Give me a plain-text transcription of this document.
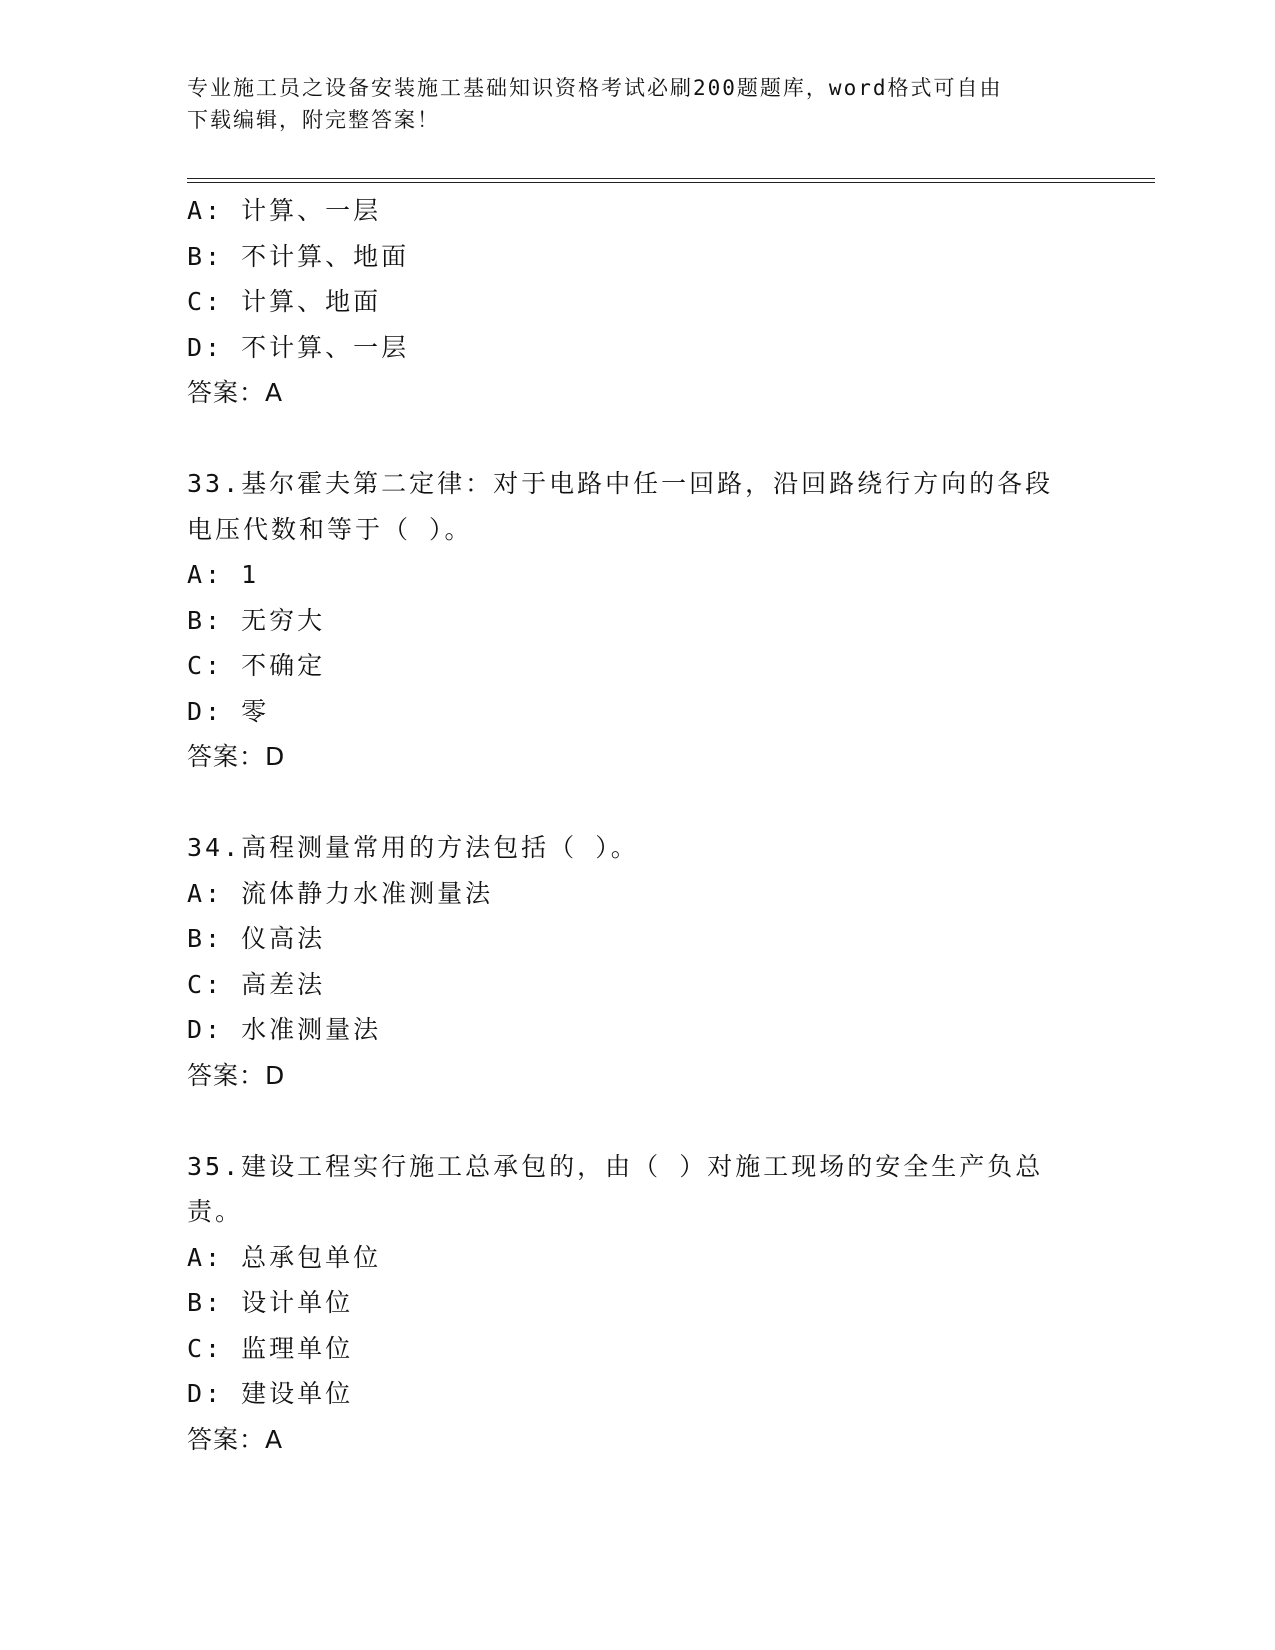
专业施工员之设备安装施工基础知识资格考试必刷200题题库，word格式可自由
下载编辑，附完整答案！
A: 计算、一层
B: 不计算、地面
C: 计算、地面
D: 不计算、一层
答案：A
33.基尔霍夫第二定律：对于电路中任一回路，沿回路绕行方向的各段
电压代数和等于（ ）。
A: 1
B: 无穷大
C: 不确定
D: 零
答案：D
34.高程测量常用的方法包括（ ）。
A: 流体静力水准测量法
B: 仪高法
C: 高差法
D: 水准测量法
答案：D
35.建设工程实行施工总承包的，由（ ）对施工现场的安全生产负总
责。
A: 总承包单位
B: 设计单位
C: 监理单位
D: 建设单位
答案：A
